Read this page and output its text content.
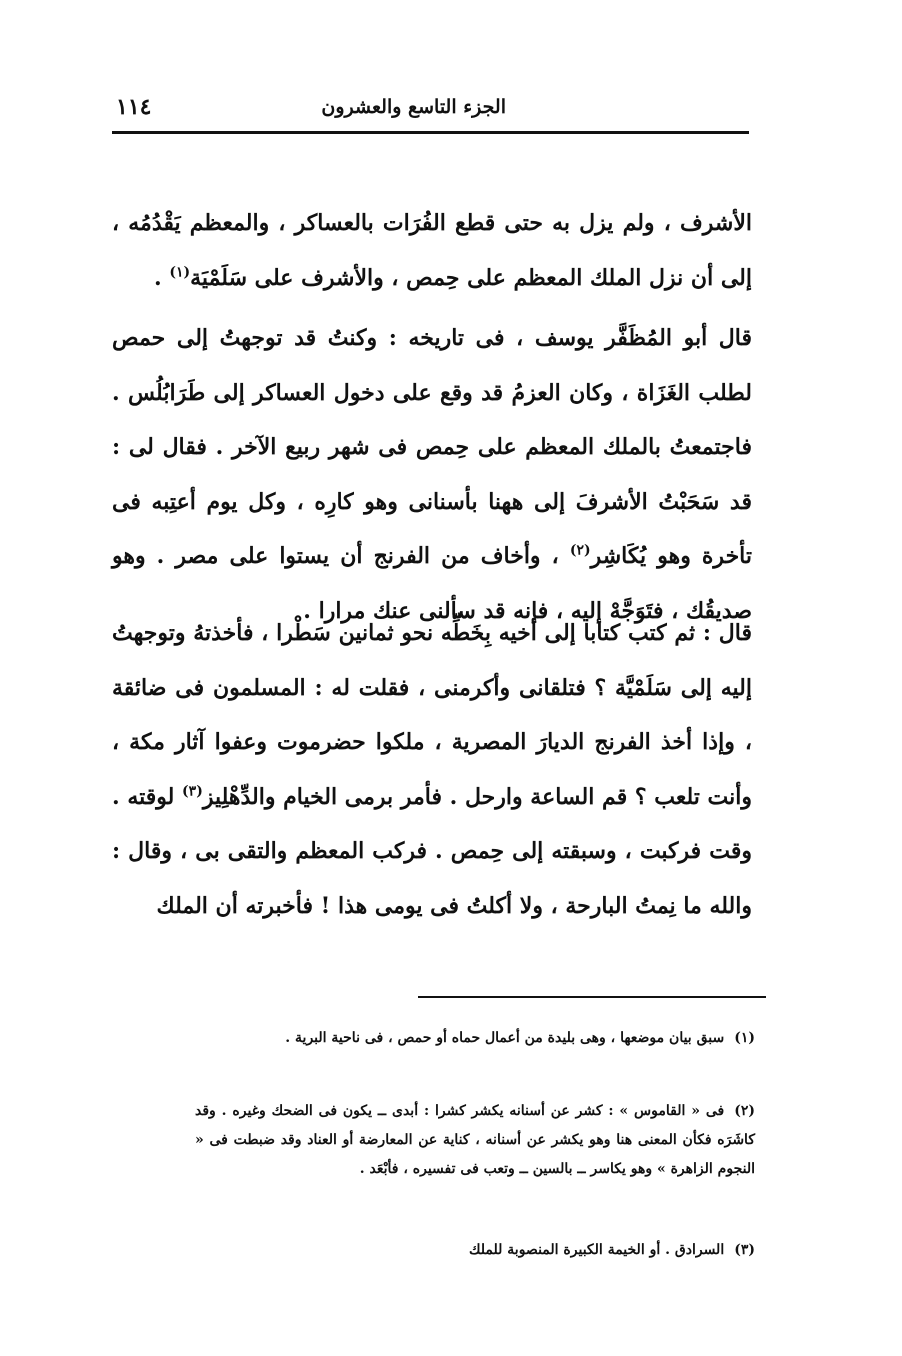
الجزء التاسع والعشرون
١١٤

الأشرف ، ولم يزل به حتى قطع الفُرَات بالعساكر ، والمعظم يَقْدُمُه ، إلى أن نزل الملك المعظم على حِمص ، والأشرف على سَلَمْيَة$^{(١)}$ .

قال أبو المُظَفَّر يوسف ، فى تاريخه : وكنتُ قد توجهتُ إلى حمص لطلب الغَزَاة ، وكان العزمُ قد وقع على دخول العساكر إلى طَرَابُلُس . فاجتمعتُ بالملك المعظم على حِمص فى شهر ربيع الآخر . فقال لى : قد سَحَبْتُ الأشرفَ إلى ههنا بأسنانى وهو كارِه ، وكل يوم أعتِبه فى تأخرة وهو يُكَاشِر$^{(٢)}$ ، وأخاف من الفرنج أن يستوا على مصر . وهو صديقُك ، فتَوَجَّهْ إليه ، فإنه قد سألنى عنك مرارا .

قال : ثم كتب كتابا إلى أخيه بِخَطِّه نحو ثمانين سَطْرا ، فأخذتهُ وتوجهتُ إليه إلى سَلَمْيَّة ؟ فتلقانى وأكرمنى ، فقلت له : المسلمون فى ضائقة ، وإذا أخذ الفرنج الديارَ المصرية ، ملكوا حضرموت وعفوا آثار مكة ، وأنت تلعب ؟ قم الساعة وارحل . فأمر برمى الخيام والدِّهْلِيز$^{(٣)}$ لوقته . وقت فركبت ، وسبقته إلى حِمص . فركب المعظم والتقى بى ، وقال : والله ما نِمتُ البارحة ، ولا أكلتُ فى يومى هذا ! فأخبرته أن الملك

(١)سبق بيان موضعها ، وهى بليدة من أعمال حماه أو حمص ، فى ناحية البرية .
(٢)فى « القاموس » : كشر عن أسنانه يكشر كشرا : أبدى ــ يكون فى الضحك وغيره . وقد كاشَرَه فكأن المعنى هنا وهو يكشر عن أسنانه ، كناية عن المعارضة أو العناد وقد ضبطت فى « النجوم الزاهرة » وهو يكاسر ــ بالسين ــ وتعب فى تفسيره ، فأبْعَد .
(٣)السرادق . أو الخيمة الكبيرة المنصوبة للملك
